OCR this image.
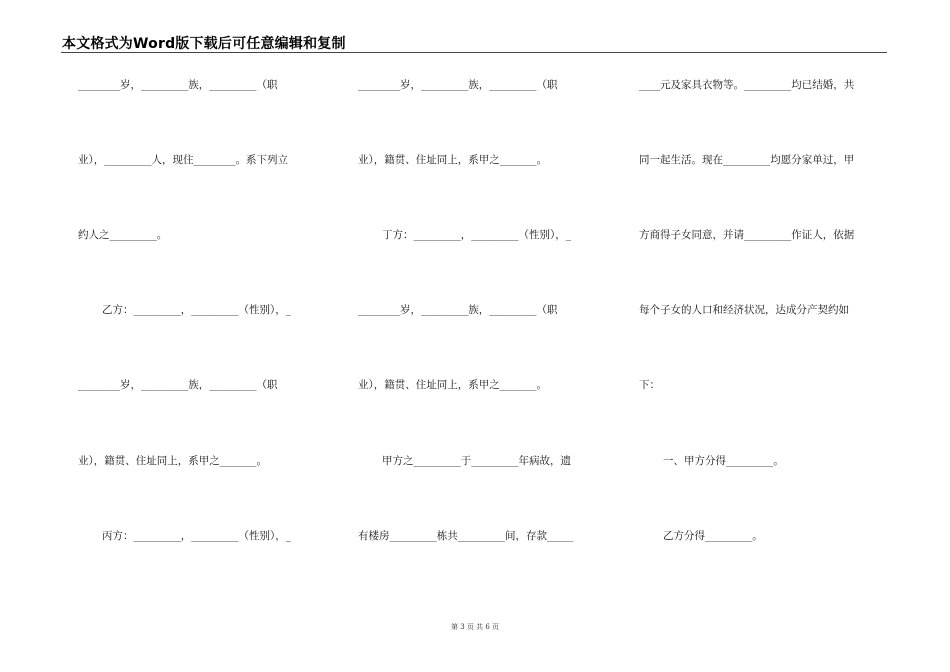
本文格式为Word版下载后可任意编辑和复制
________岁，_________族，_________（职
业），_________人，现住________。系下列立
约人之_________。
乙方：_________，_________（性别），_
________岁，_________族，_________（职
业），籍贯、住址同上，系甲之_______。
丙方：_________，_________（性别），_
________岁，_________族，_________（职
业），籍贯、住址同上，系甲之_______。
丁方：_________，_________（性别），_
________岁，_________族，_________（职
业），籍贯、住址同上，系甲之_______。
甲方之_________于_________年病故，遗
有楼房_________栋共_________间，存款_____
____元及家具衣物等。_________均已结婚，共
同一起生活。现在_________均愿分家单过，甲
方商得子女同意，并请_________作证人，依据
每个子女的人口和经济状况，达成分产契约如
下：
一、甲方分得_________。
乙方分得_________。
第 3 页 共 6 页
